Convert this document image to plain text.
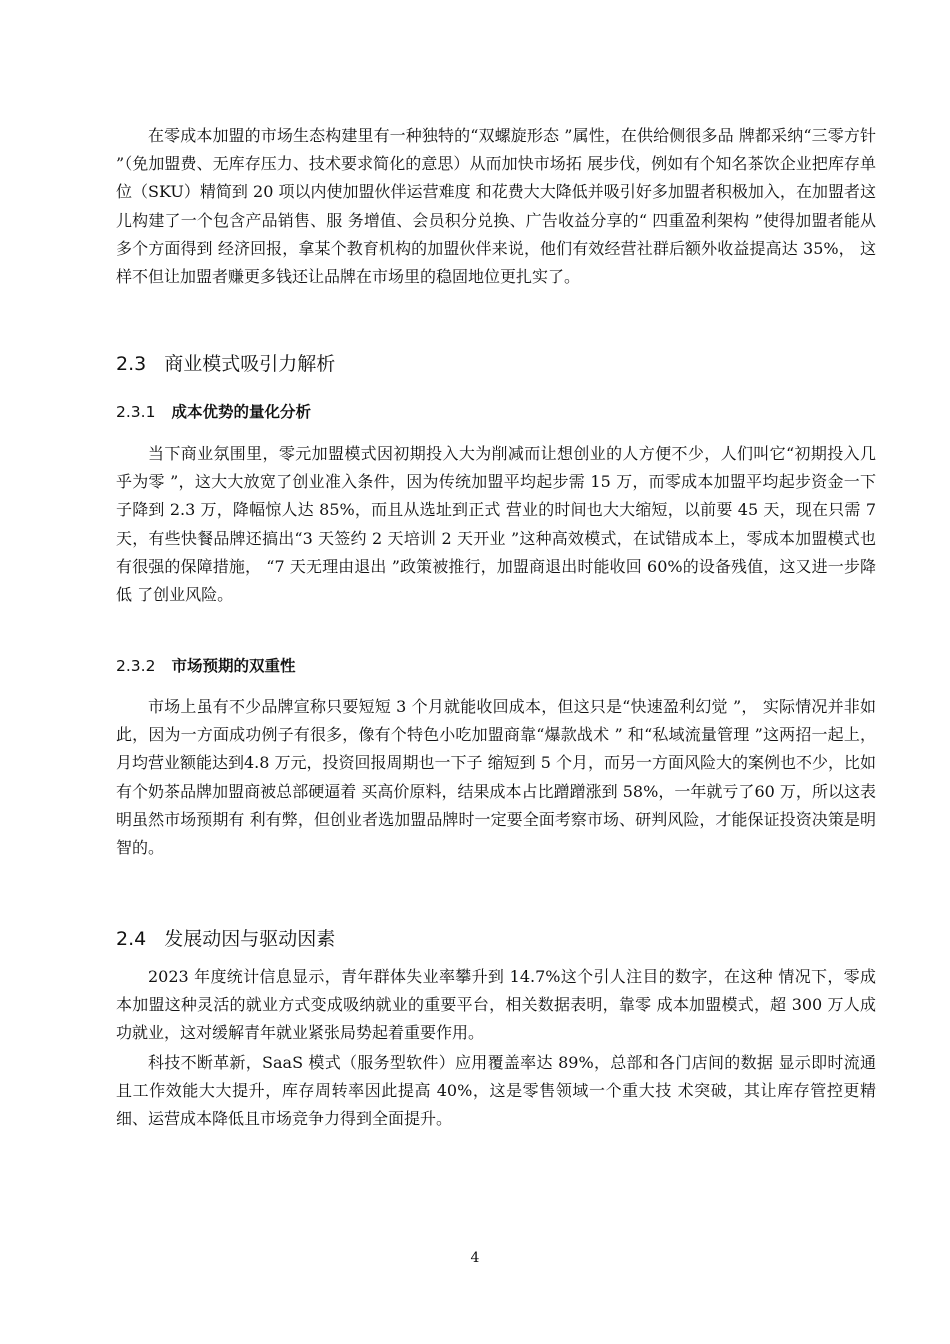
在零成本加盟的市场生态构建里有一种独特的“双螺旋形态 ”属性，在供给侧很多品 牌都采纳“三零方针 ”（免加盟费、无库存压力、技术要求简化的意思）从而加快市场拓 展步伐，例如有个知名茶饮企业把库存单位（SKU）精简到 20 项以内使加盟伙伴运营难度 和花费大大降低并吸引好多加盟者积极加入，在加盟者这儿构建了一个包含产品销售、服 务增值、会员积分兑换、广告收益分享的“ 四重盈利架构 ”使得加盟者能从多个方面得到 经济回报，拿某个教育机构的加盟伙伴来说，他们有效经营社群后额外收益提高达 35%， 这样不但让加盟者赚更多钱还让品牌在市场里的稳固地位更扎实了。

2.3 商业模式吸引力解析
2.3.1 成本优势的量化分析

当下商业氛围里，零元加盟模式因初期投入大为削减而让想创业的人方便不少，人们叫它“初期投入几乎为零 ”，这大大放宽了创业准入条件，因为传统加盟平均起步需 15 万，而零成本加盟平均起步资金一下子降到 2.3 万，降幅惊人达 85%，而且从选址到正式 营业的时间也大大缩短，以前要 45 天，现在只需 7 天，有些快餐品牌还搞出“3 天签约 2 天培训 2 天开业 ”这种高效模式，在试错成本上，零成本加盟模式也有很强的保障措施， “7 天无理由退出 ”政策被推行，加盟商退出时能收回 60%的设备残值，这又进一步降低 了创业风险。

2.3.2 市场预期的双重性

市场上虽有不少品牌宣称只要短短 3 个月就能收回成本，但这只是“快速盈利幻觉 ”， 实际情况并非如此，因为一方面成功例子有很多，像有个特色小吃加盟商靠“爆款战术 ” 和“私域流量管理 ”这两招一起上，月均营业额能达到4.8 万元，投资回报周期也一下子 缩短到 5 个月，而另一方面风险大的案例也不少，比如有个奶茶品牌加盟商被总部硬逼着 买高价原料，结果成本占比蹭蹭涨到 58%，一年就亏了60 万，所以这表明虽然市场预期有 利有弊，但创业者选加盟品牌时一定要全面考察市场、研判风险，才能保证投资决策是明 智的。

2.4 发展动因与驱动因素

2023 年度统计信息显示，青年群体失业率攀升到 14.7%这个引人注目的数字，在这种 情况下，零成本加盟这种灵活的就业方式变成吸纳就业的重要平台，相关数据表明，靠零 成本加盟模式，超 300 万人成功就业，这对缓解青年就业紧张局势起着重要作用。

科技不断革新，SaaS 模式（服务型软件）应用覆盖率达 89%，总部和各门店间的数据 显示即时流通且工作效能大大提升，库存周转率因此提高 40%，这是零售领域一个重大技 术突破，其让库存管控更精细、运营成本降低且市场竞争力得到全面提升。

4
